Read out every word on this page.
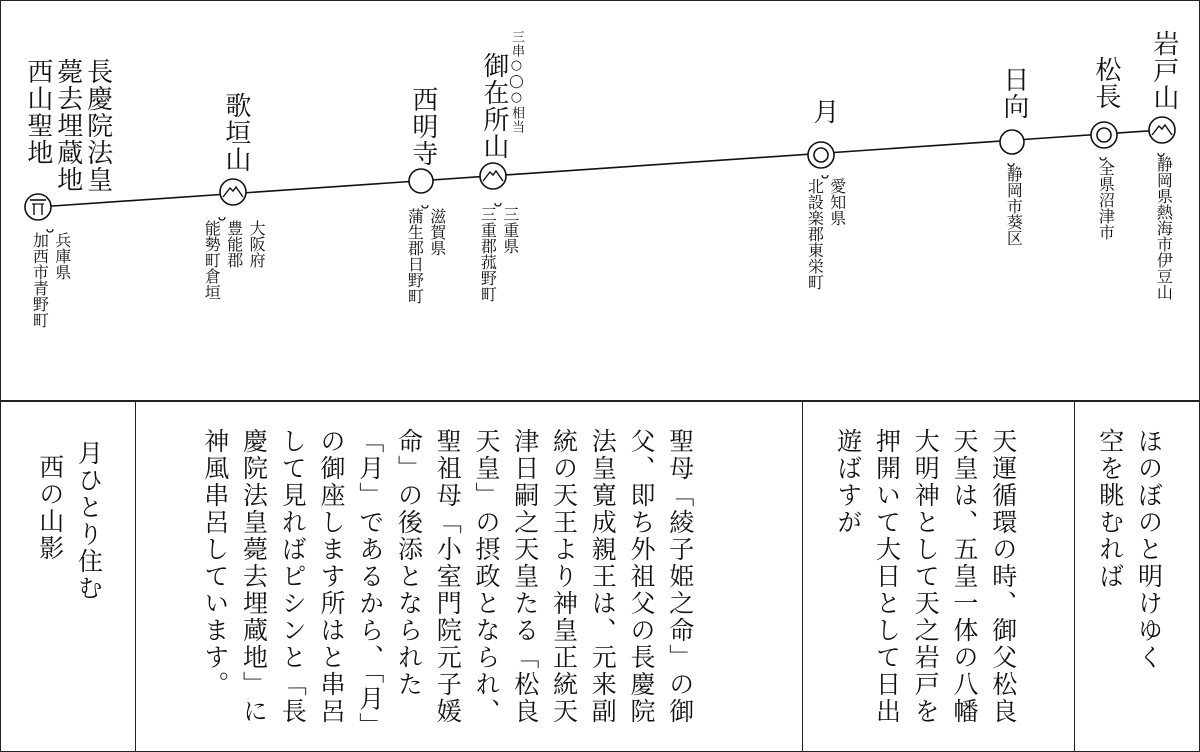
長慶院法皇
薨去埋蔵地
西山聖地	歌垣山	西明寺 御在所山 三串○◯○相当	月	日向 松長 岩戸山
兵庫県
加西市青野町	大阪府
豊能郡
能勢町倉垣	滋賀県
蒲生郡日野町	三重県
三重郡菰野町
愛知県
北設楽郡東栄町	静岡市葵区	全県沼津市 静岡県熱海市伊豆山
ほのぼのと明けゆく
空を眺むれば
天運循環の時、御父松良
天皇は、五皇一体の八幡
大明神として天之岩戸を
押開いて大日として日出
遊ばすが
聖母「綾子姫之命」の御
父、即ち外祖父の長慶院
法皇寛成親王は、元来副
統の天王より神皇正統天
津日嗣之天皇たる「松良
天皇」の摂政となられ、
聖祖母「小室門院元子媛
命」の後添となられた
「月」であるから、「月」
の御座します所はと串呂
して見ればピシンと「長
慶院法皇薨去埋蔵地」に
神風串呂しています。
月ひとり住む
西の山影
